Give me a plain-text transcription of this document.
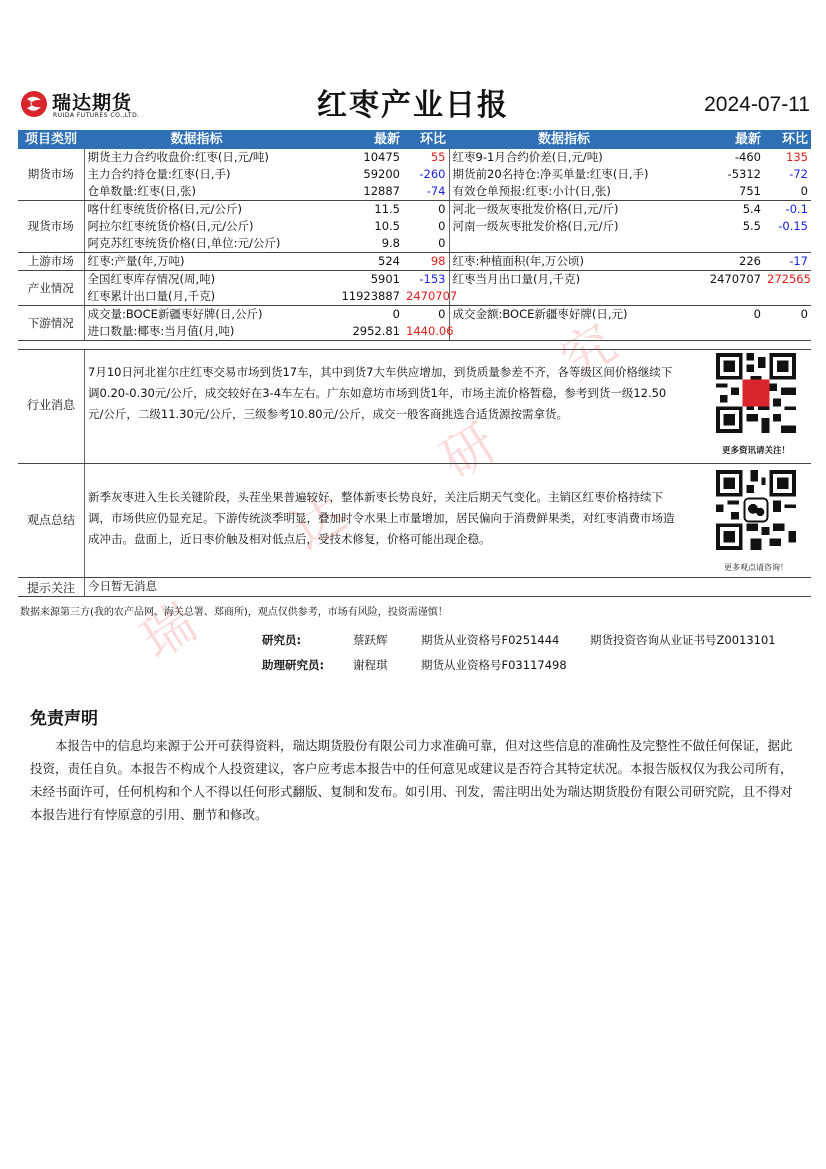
瑞
达
研
究
瑞达期货
RUIDA FUTURES CO.,LTD.	红枣产业日报	2024-07-11
项目类别	数据指标	最新	环比	数据指标	最新	环比
期货市场	期货主力合约收盘价:红枣(日,元/吨)	10475	55	红枣9-1月合约价差(日,元/吨)	-460	135
	主力合约持仓量:红枣(日,手)	59200	-260	期货前20名持仓:净买单量:红枣(日,手)	-5312	-72
	仓单数量:红枣(日,张)	12887	-74	有效仓单预报:红枣:小计(日,张)	751	0
现货市场	喀什红枣统货价格(日,元/公斤)	11.5	0	河北一级灰枣批发价格(日,元/斤)	5.4	-0.1
	阿拉尔红枣统货价格(日,元/公斤)	10.5	0	河南一级灰枣批发价格(日,元/斤)	5.5	-0.15
	阿克苏红枣统货价格(日,单位:元/公斤)	9.8	0			
上游市场	红枣:产量(年,万吨)	524	98	红枣:种植面积(年,万公顷)	226	-17
产业情况	全国红枣库存情况(周,吨)	5901	-153	红枣当月出口量(月,千克)	2470707	272565
	红枣累计出口量(月,千克)	11923887	2470707			
下游情况	成交量:BOCE新疆枣好牌(日,公斤)	0	0	成交金额:BOCE新疆枣好牌(日,元)	0	0
	进口数量:椰枣:当月值(月,吨)	2952.81	1440.06			
行业消息
7月10日河北崔尔庄红枣交易市场到货17车，其中到货7大车供应增加，到货质量参差不齐，各等级区间价格继续下调0.20-0.30元/公斤，成交较好在3-4车左右。广东如意坊市场到货1年，市场主流价格暂稳，参考到货一级12.50元/公斤，二级11.30元/公斤，三级参考10.80元/公斤，成交一般客商挑选合适货源按需拿货。
更多资讯请关注！
观点总结
新季灰枣进入生长关键阶段，头茬坐果普遍较好，整体新枣长势良好，关注后期天气变化。主销区红枣价格持续下调，市场供应仍显充足。下游传统淡季明显，叠加时令水果上市量增加，居民偏向于消费鲜果类，对红枣消费市场造成冲击。盘面上，近日枣价触及相对低点后，受技术修复，价格可能出现企稳。
更多观点请咨询！
提示关注	今日暂无消息
数据来源第三方(我的农产品网、海关总署、郑商所)，观点仅供参考，市场有风险，投资需谨慎！
研究员:	蔡跃辉	期货从业资格号F0251444	期货投资咨询从业证书号Z0013101
助理研究员:	谢程琪	期货从业资格号F03117498
免责声明
本报告中的信息均来源于公开可获得资料，瑞达期货股份有限公司力求准确可靠，但对这些信息的准确性及完整性不做任何保证，据此投资，责任自负。本报告不构成个人投资建议，客户应考虑本报告中的任何意见或建议是否符合其特定状况。本报告版权仅为我公司所有，未经书面许可，任何机构和个人不得以任何形式翻版、复制和发布。如引用、刊发，需注明出处为瑞达期货股份有限公司研究院，且不得对本报告进行有悖原意的引用、删节和修改。
